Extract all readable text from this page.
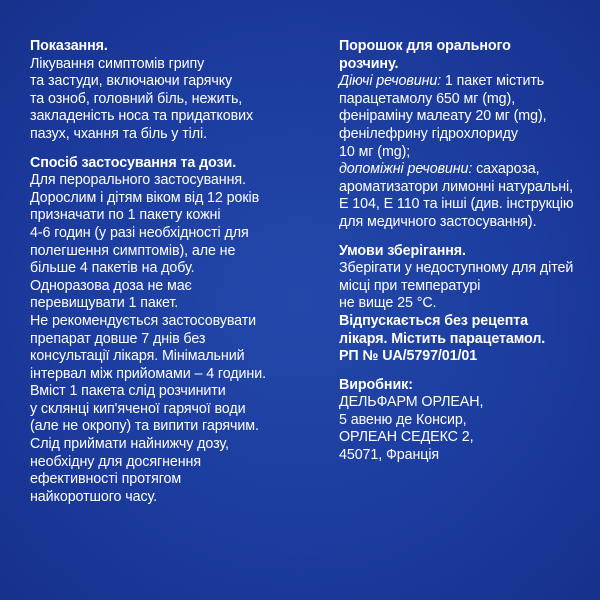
Показання.
Лікування симптомів грипу
та застуди, включаючи гарячку
та озноб, головний біль, нежить,
закладеність носа та придаткових
пазух, чхання та біль у тілі.
Спосіб застосування та дози.
Для перорального застосування.
Дорослим і дітям віком від 12 років
призначати по 1 пакету кожні
4-6 годин (у разі необхідності для
полегшення симптомів), але не
більше 4 пакетів на добу.
Одноразова доза не має
перевищувати 1 пакет.
Не рекомендується застосовувати
препарат довше 7 днів без
консультації лікаря. Мінімальний
інтервал між прийомами – 4 години.
Вміст 1 пакета слід розчинити
у склянці кип'яченої гарячої води
(але не окропу) та випити гарячим.
Слід приймати найнижчу дозу,
необхідну для досягнення
ефективності протягом
найкоротшого часу.
Порошок для орального
розчину.
Діючі речовини: 1 пакет містить
парацетамолу 650 мг (mg),
феніраміну малеату 20 мг (mg),
фенілефрину гідрохлориду
10 мг (mg);
допоміжні речовини: сахароза,
ароматизатори лимонні натуральні,
Е 104, Е 110 та інші (див. інструкцію
для медичного застосування).
Умови зберігання.
Зберігати у недоступному для дітей
місці при температурі
не вище 25 °С.
Відпускається без рецепта
лікаря. Містить парацетамол.
РП № UA/5797/01/01
Виробник:
ДЕЛЬФАРМ ОРЛЕАН,
5 авеню де Консир,
ОРЛЕАН СЕДЕКС 2,
45071, Франція
